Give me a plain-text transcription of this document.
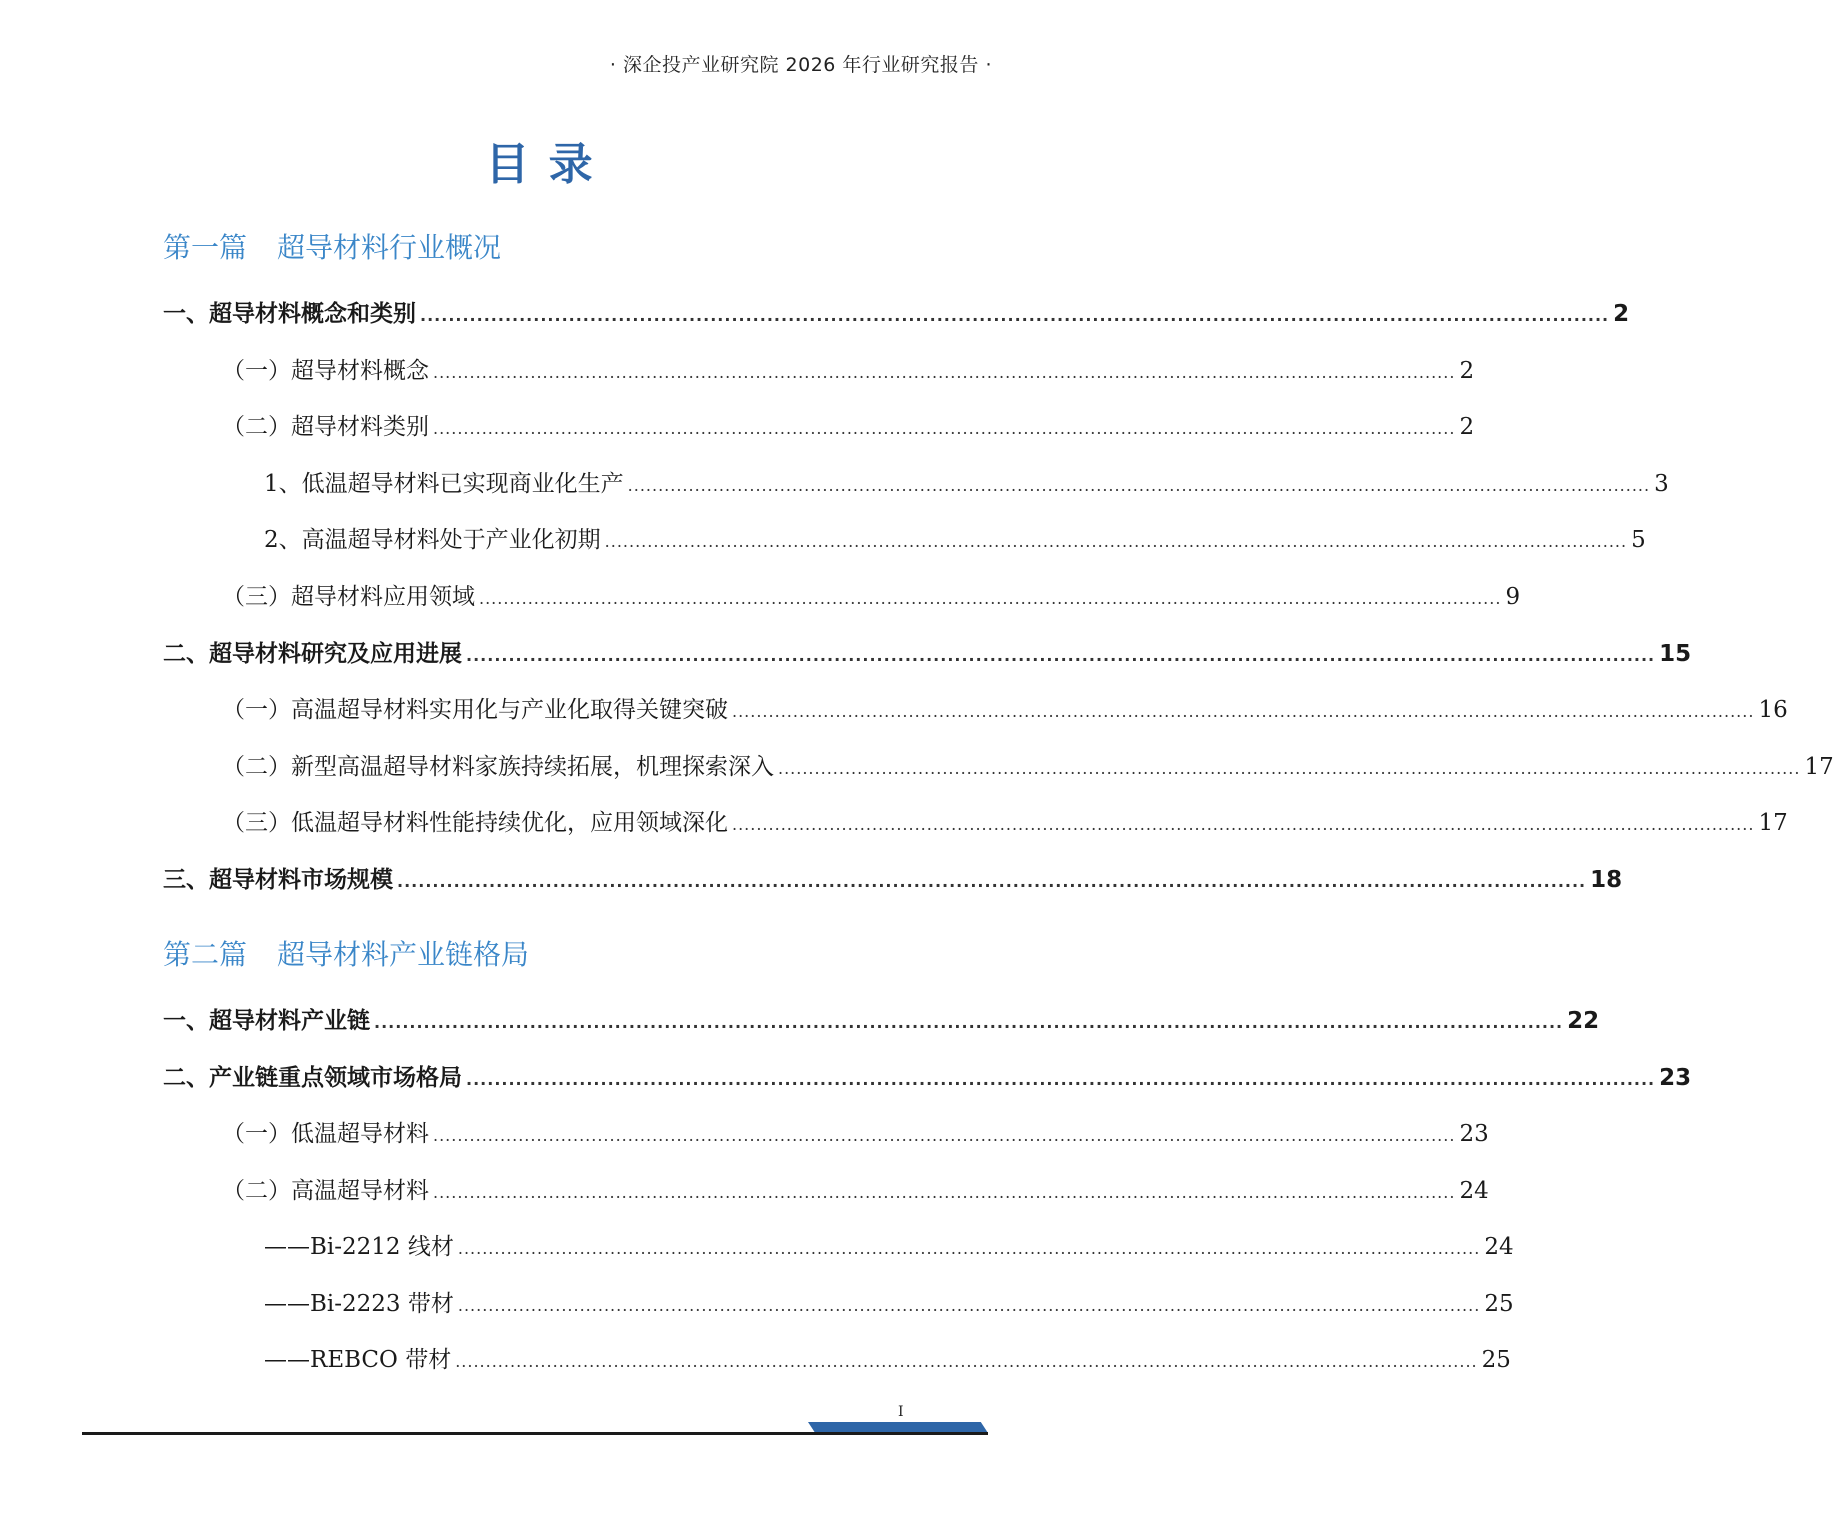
· 深企投产业研究院 2026 年行业研究报告 ·
目 录
第一篇 超导材料行业概况
一、超导材料概念和类别 ........................................................................................................................................................................ 2
（一）超导材料概念 ........................................................................................................................................................................ 2
（二）超导材料类别 ........................................................................................................................................................................ 2
1、低温超导材料已实现商业化生产 ........................................................................................................................................................................ 3
2、高温超导材料处于产业化初期 ........................................................................................................................................................................ 5
（三）超导材料应用领域 ........................................................................................................................................................................ 9
二、超导材料研究及应用进展 ........................................................................................................................................................................ 15
（一）高温超导材料实用化与产业化取得关键突破 ........................................................................................................................................................................ 16
（二）新型高温超导材料家族持续拓展，机理探索深入 ........................................................................................................................................................................ 17
（三）低温超导材料性能持续优化，应用领域深化 ........................................................................................................................................................................ 17
三、超导材料市场规模 ........................................................................................................................................................................ 18
第二篇 超导材料产业链格局
一、超导材料产业链 ........................................................................................................................................................................ 22
二、产业链重点领域市场格局 ........................................................................................................................................................................ 23
（一）低温超导材料 ........................................................................................................................................................................ 23
（二）高温超导材料 ........................................................................................................................................................................ 24
——Bi-2212 线材 ........................................................................................................................................................................ 24
——Bi-2223 带材 ........................................................................................................................................................................ 25
——REBCO 带材 ........................................................................................................................................................................ 25
I
